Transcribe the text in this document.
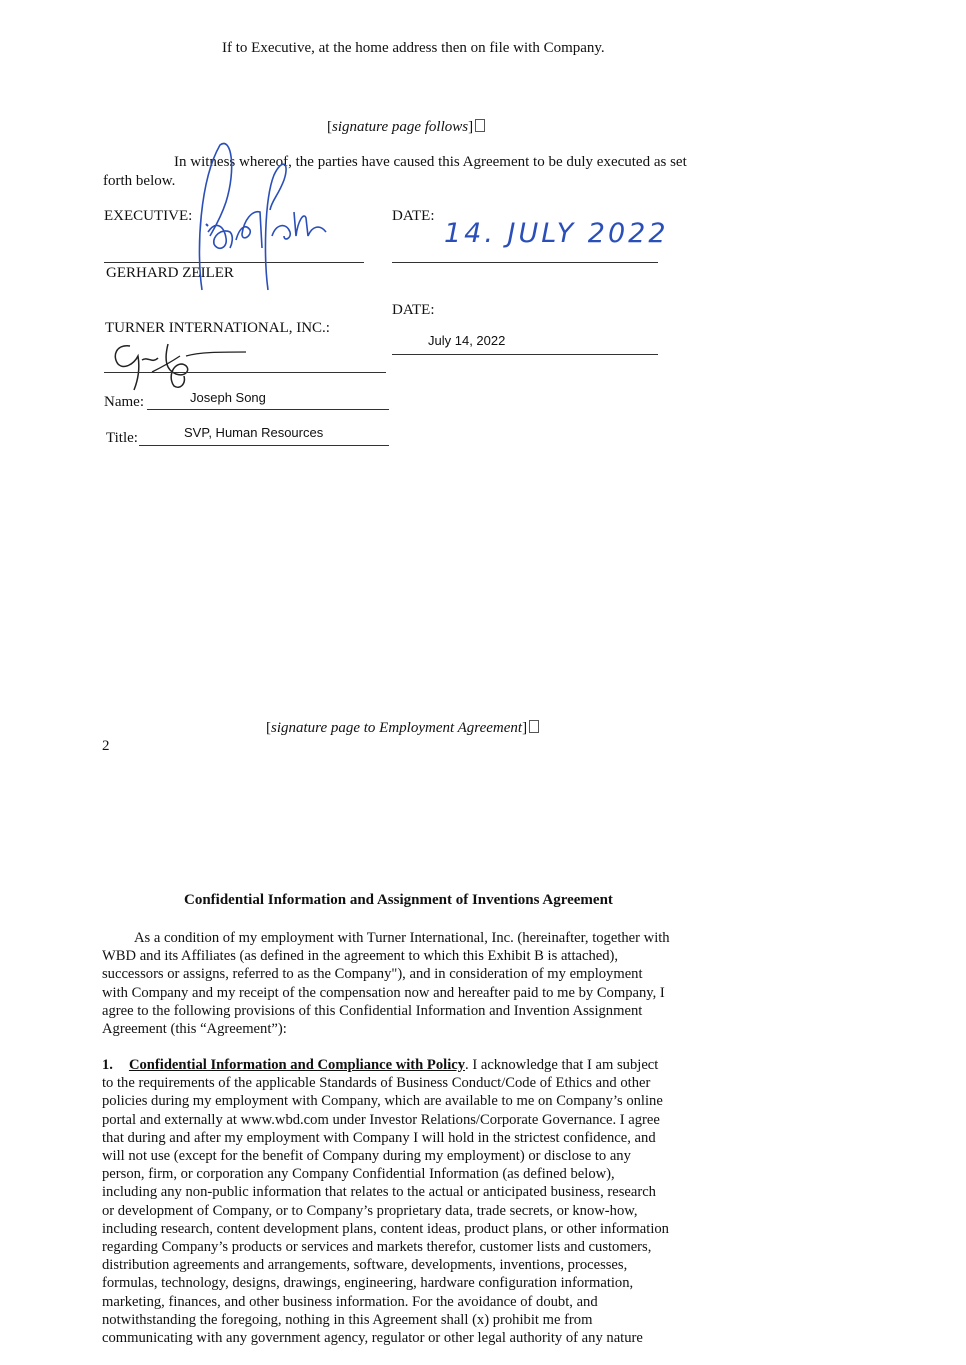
If to Executive, at the home address then on file with Company.
[signature page follows]
In witness whereof, the parties have caused this Agreement to be duly executed as set
forth below.
EXECUTIVE:	DATE:
14. JULY 2022
GERHARD ZEILER
DATE:
TURNER INTERNATIONAL, INC.:
July 14, 2022
Name:	Joseph Song
Title:	SVP, Human Resources
[signature page to Employment Agreement]
2
Confidential Information and Assignment of Inventions Agreement
As a condition of my employment with Turner International, Inc. (hereinafter, together with
WBD and its Affiliates (as defined in the agreement to which this Exhibit B is attached),
successors or assigns, referred to as the Company"), and in consideration of my employment
with Company and my receipt of the compensation now and hereafter paid to me by Company, I
agree to the following provisions of this Confidential Information and Invention Assignment
Agreement (this “Agreement”):
1. Confidential Information and Compliance with Policy. I acknowledge that I am subject
to the requirements of the applicable Standards of Business Conduct/Code of Ethics and other
policies during my employment with Company, which are available to me on Company’s online
portal and externally at www.wbd.com under Investor Relations/Corporate Governance. I agree
that during and after my employment with Company I will hold in the strictest confidence, and
will not use (except for the benefit of Company during my employment) or disclose to any
person, firm, or corporation any Company Confidential Information (as defined below),
including any non-public information that relates to the actual or anticipated business, research
or development of Company, or to Company’s proprietary data, trade secrets, or know-how,
including research, content development plans, content ideas, product plans, or other information
regarding Company’s products or services and markets therefor, customer lists and customers,
distribution agreements and arrangements, software, developments, inventions, processes,
formulas, technology, designs, drawings, engineering, hardware configuration information,
marketing, finances, and other business information. For the avoidance of doubt, and
notwithstanding the foregoing, nothing in this Agreement shall (x) prohibit me from
communicating with any government agency, regulator or other legal authority of any nature
